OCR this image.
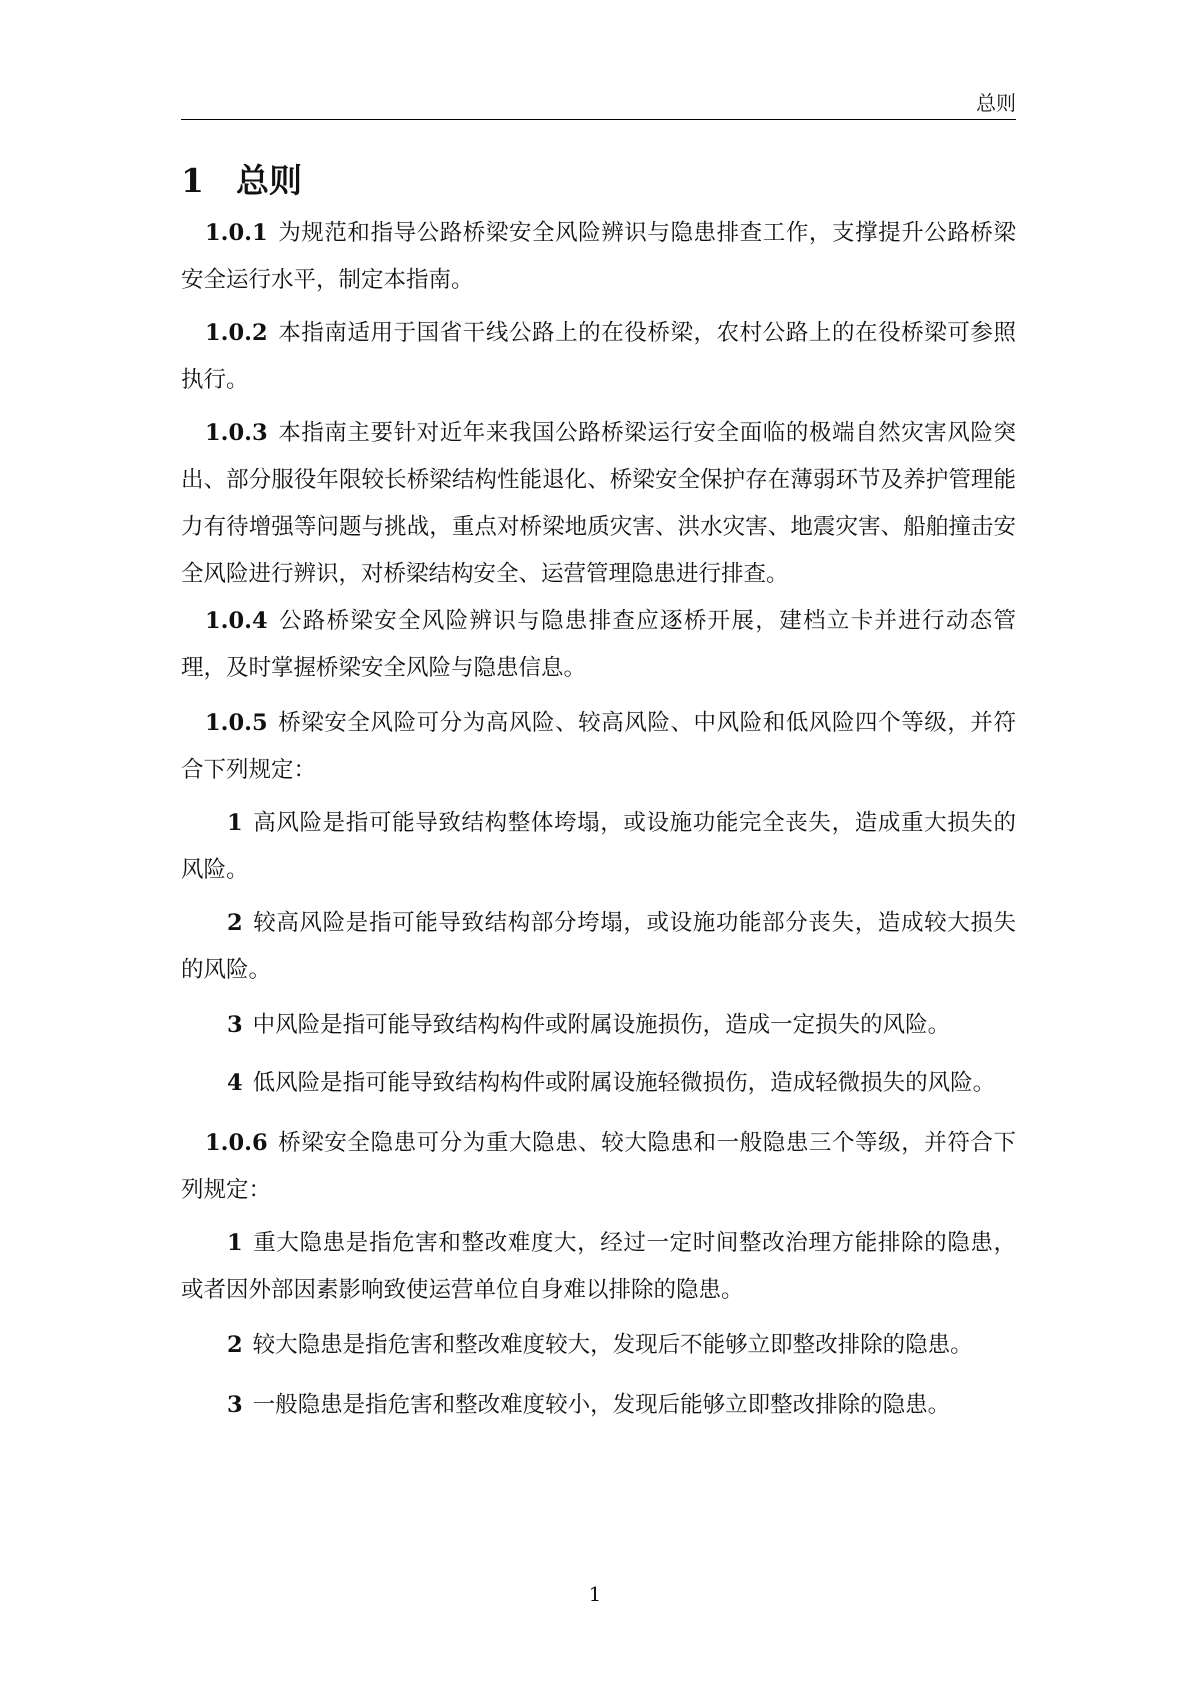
总则
1 总则

1.0.1 为规范和指导公路桥梁安全风险辨识与隐患排查工作，支撑提升公路桥梁安全运行水平，制定本指南。

1.0.2 本指南适用于国省干线公路上的在役桥梁，农村公路上的在役桥梁可参照执行。

1.0.3 本指南主要针对近年来我国公路桥梁运行安全面临的极端自然灾害风险突出、部分服役年限较长桥梁结构性能退化、桥梁安全保护存在薄弱环节及养护管理能力有待增强等问题与挑战，重点对桥梁地质灾害、洪水灾害、地震灾害、船舶撞击安全风险进行辨识，对桥梁结构安全、运营管理隐患进行排查。

1.0.4 公路桥梁安全风险辨识与隐患排查应逐桥开展，建档立卡并进行动态管理，及时掌握桥梁安全风险与隐患信息。

1.0.5 桥梁安全风险可分为高风险、较高风险、中风险和低风险四个等级，并符合下列规定：

1 高风险是指可能导致结构整体垮塌，或设施功能完全丧失，造成重大损失的风险。

2 较高风险是指可能导致结构部分垮塌，或设施功能部分丧失，造成较大损失的风险。

3 中风险是指可能导致结构构件或附属设施损伤，造成一定损失的风险。

4 低风险是指可能导致结构构件或附属设施轻微损伤，造成轻微损失的风险。

1.0.6 桥梁安全隐患可分为重大隐患、较大隐患和一般隐患三个等级，并符合下列规定：

1 重大隐患是指危害和整改难度大，经过一定时间整改治理方能排除的隐患，或者因外部因素影响致使运营单位自身难以排除的隐患。

2 较大隐患是指危害和整改难度较大，发现后不能够立即整改排除的隐患。

3 一般隐患是指危害和整改难度较小，发现后能够立即整改排除的隐患。

1
